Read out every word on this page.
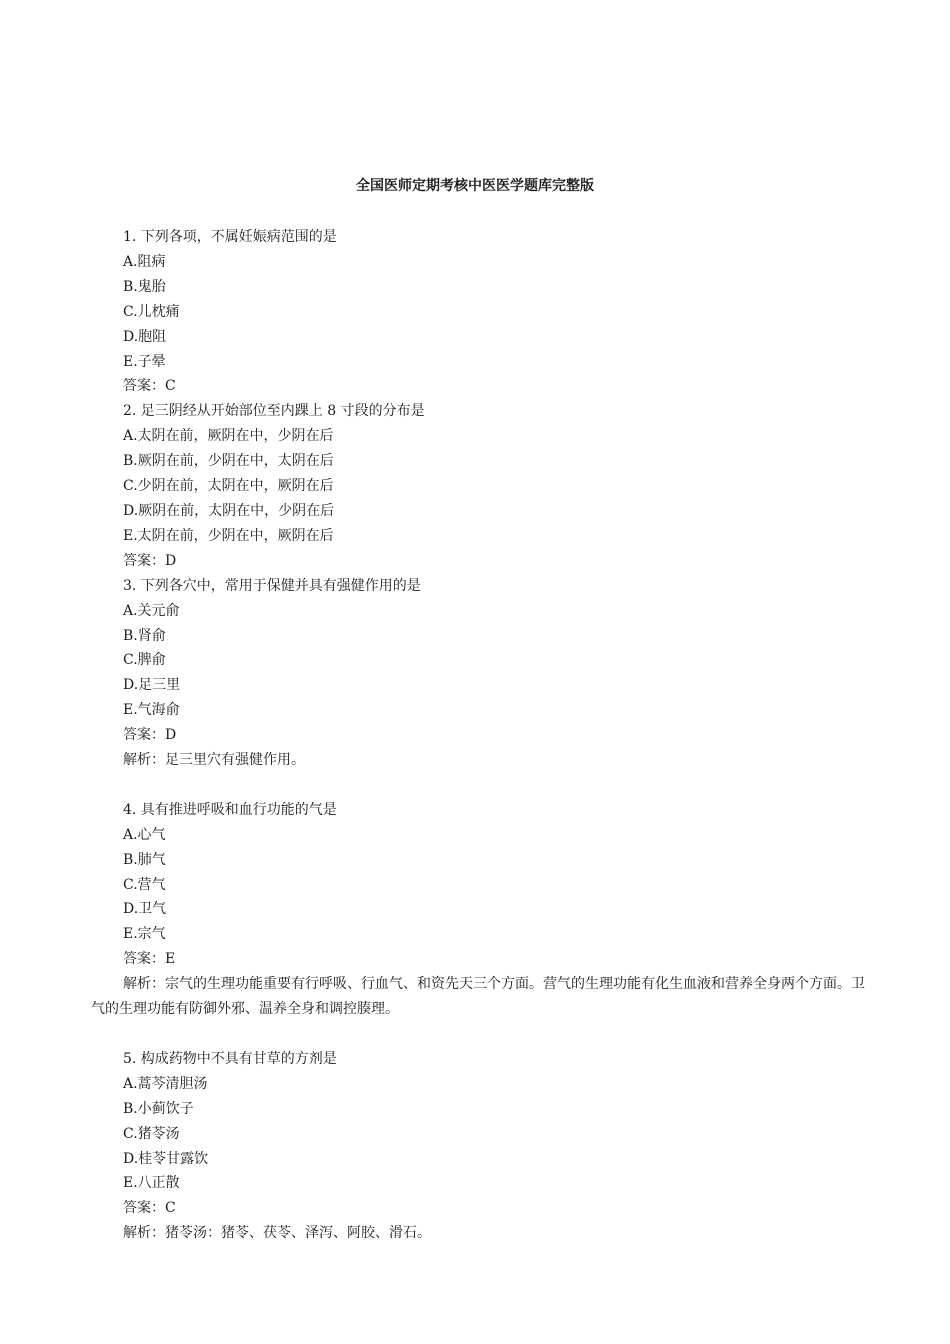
全国医师定期考核中医医学题库完整版
1. 下列各项，不属妊娠病范围的是
A.阻病
B.鬼胎
C.儿枕痛
D.胞阻
E.子晕
答案：C
2. 足三阴经从开始部位至内踝上 8 寸段的分布是
A.太阴在前，厥阴在中，少阴在后
B.厥阴在前，少阴在中，太阴在后
C.少阴在前，太阴在中，厥阴在后
D.厥阴在前，太阴在中，少阴在后
E.太阴在前，少阴在中，厥阴在后
答案：D
3. 下列各穴中，常用于保健并具有强健作用的是
A.关元俞
B.肾俞
C.脾俞
D.足三里
E.气海俞
答案：D
解析：足三里穴有强健作用。
4. 具有推进呼吸和血行功能的气是
A.心气
B.肺气
C.营气
D.卫气
E.宗气
答案：E
解析：宗气的生理功能重要有行呼吸、行血气、和资先天三个方面。营气的生理功能有化生血液和营养全身两个方面。卫气的生理功能有防御外邪、温养全身和调控腠理。
5. 构成药物中不具有甘草的方剂是
A.蒿芩清胆汤
B.小蓟饮子
C.猪苓汤
D.桂苓甘露饮
E.八正散
答案：C
解析：猪苓汤：猪苓、茯苓、泽泻、阿胶、滑石。
